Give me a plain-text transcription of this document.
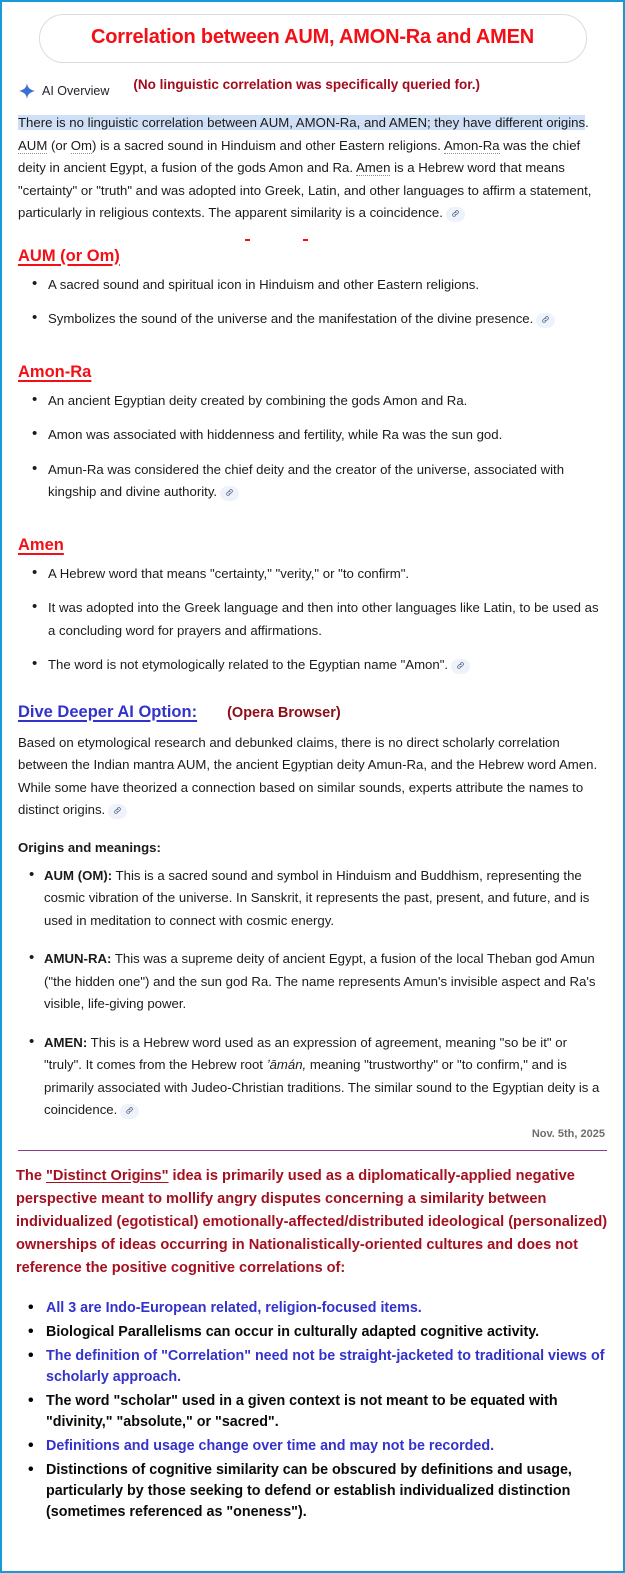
Correlation between AUM, AMON-Ra and AMEN
AI Overview (No linguistic correlation was specifically queried for.)
There is no linguistic correlation between AUM, AMON-Ra, and AMEN; they have different origins. AUM (or Om) is a sacred sound in Hinduism and other Eastern religions. Amon-Ra was the chief deity in ancient Egypt, a fusion of the gods Amon and Ra. Amen is a Hebrew word that means "certainty" or "truth" and was adopted into Greek, Latin, and other languages to affirm a statement, particularly in religious contexts. The apparent similarity is a coincidence.
AUM (or Om)
• A sacred sound and spiritual icon in Hinduism and other Eastern religions.
• Symbolizes the sound of the universe and the manifestation of the divine presence.
Amon-Ra
• An ancient Egyptian deity created by combining the gods Amon and Ra.
• Amon was associated with hiddenness and fertility, while Ra was the sun god.
• Amun-Ra was considered the chief deity and the creator of the universe, associated with kingship and divine authority.
Amen
• A Hebrew word that means "certainty," "verity," or "to confirm".
• It was adopted into the Greek language and then into other languages like Latin, to be used as a concluding word for prayers and affirmations.
• The word is not etymologically related to the Egyptian name "Amon".
Dive Deeper AI Option: (Opera Browser)
Based on etymological research and debunked claims, there is no direct scholarly correlation between the Indian mantra AUM, the ancient Egyptian deity Amun-Ra, and the Hebrew word Amen. While some have theorized a connection based on similar sounds, experts attribute the names to distinct origins.
Origins and meanings:
• AUM (OM): This is a sacred sound and symbol in Hinduism and Buddhism, representing the cosmic vibration of the universe. In Sanskrit, it represents the past, present, and future, and is used in meditation to connect with cosmic energy.
• AMUN-RA: This was a supreme deity of ancient Egypt, a fusion of the local Theban god Amun ("the hidden one") and the sun god Ra. The name represents Amun's invisible aspect and Ra's visible, life-giving power.
• AMEN: This is a Hebrew word used as an expression of agreement, meaning "so be it" or "truly". It comes from the Hebrew root ʼāmán, meaning "trustworthy" or "to confirm," and is primarily associated with Judeo-Christian traditions. The similar sound to the Egyptian deity is a coincidence.
Nov. 5th, 2025
The "Distinct Origins" idea is primarily used as a diplomatically-applied negative perspective meant to mollify angry disputes concerning a similarity between individualized (egotistical) emotionally-affected/distributed ideological (personalized) ownerships of ideas occurring in Nationalistically-oriented cultures and does not reference the positive cognitive correlations of:
• All 3 are Indo-European related, religion-focused items.
• Biological Parallelisms can occur in culturally adapted cognitive activity.
• The definition of "Correlation" need not be straight-jacketed to traditional views of scholarly approach.
• The word "scholar" used in a given context is not meant to be equated with "divinity," "absolute," or "sacred".
• Definitions and usage change over time and may not be recorded.
• Distinctions of cognitive similarity can be obscured by definitions and usage, particularly by those seeking to defend or establish individualized distinction (sometimes referenced as "oneness").
